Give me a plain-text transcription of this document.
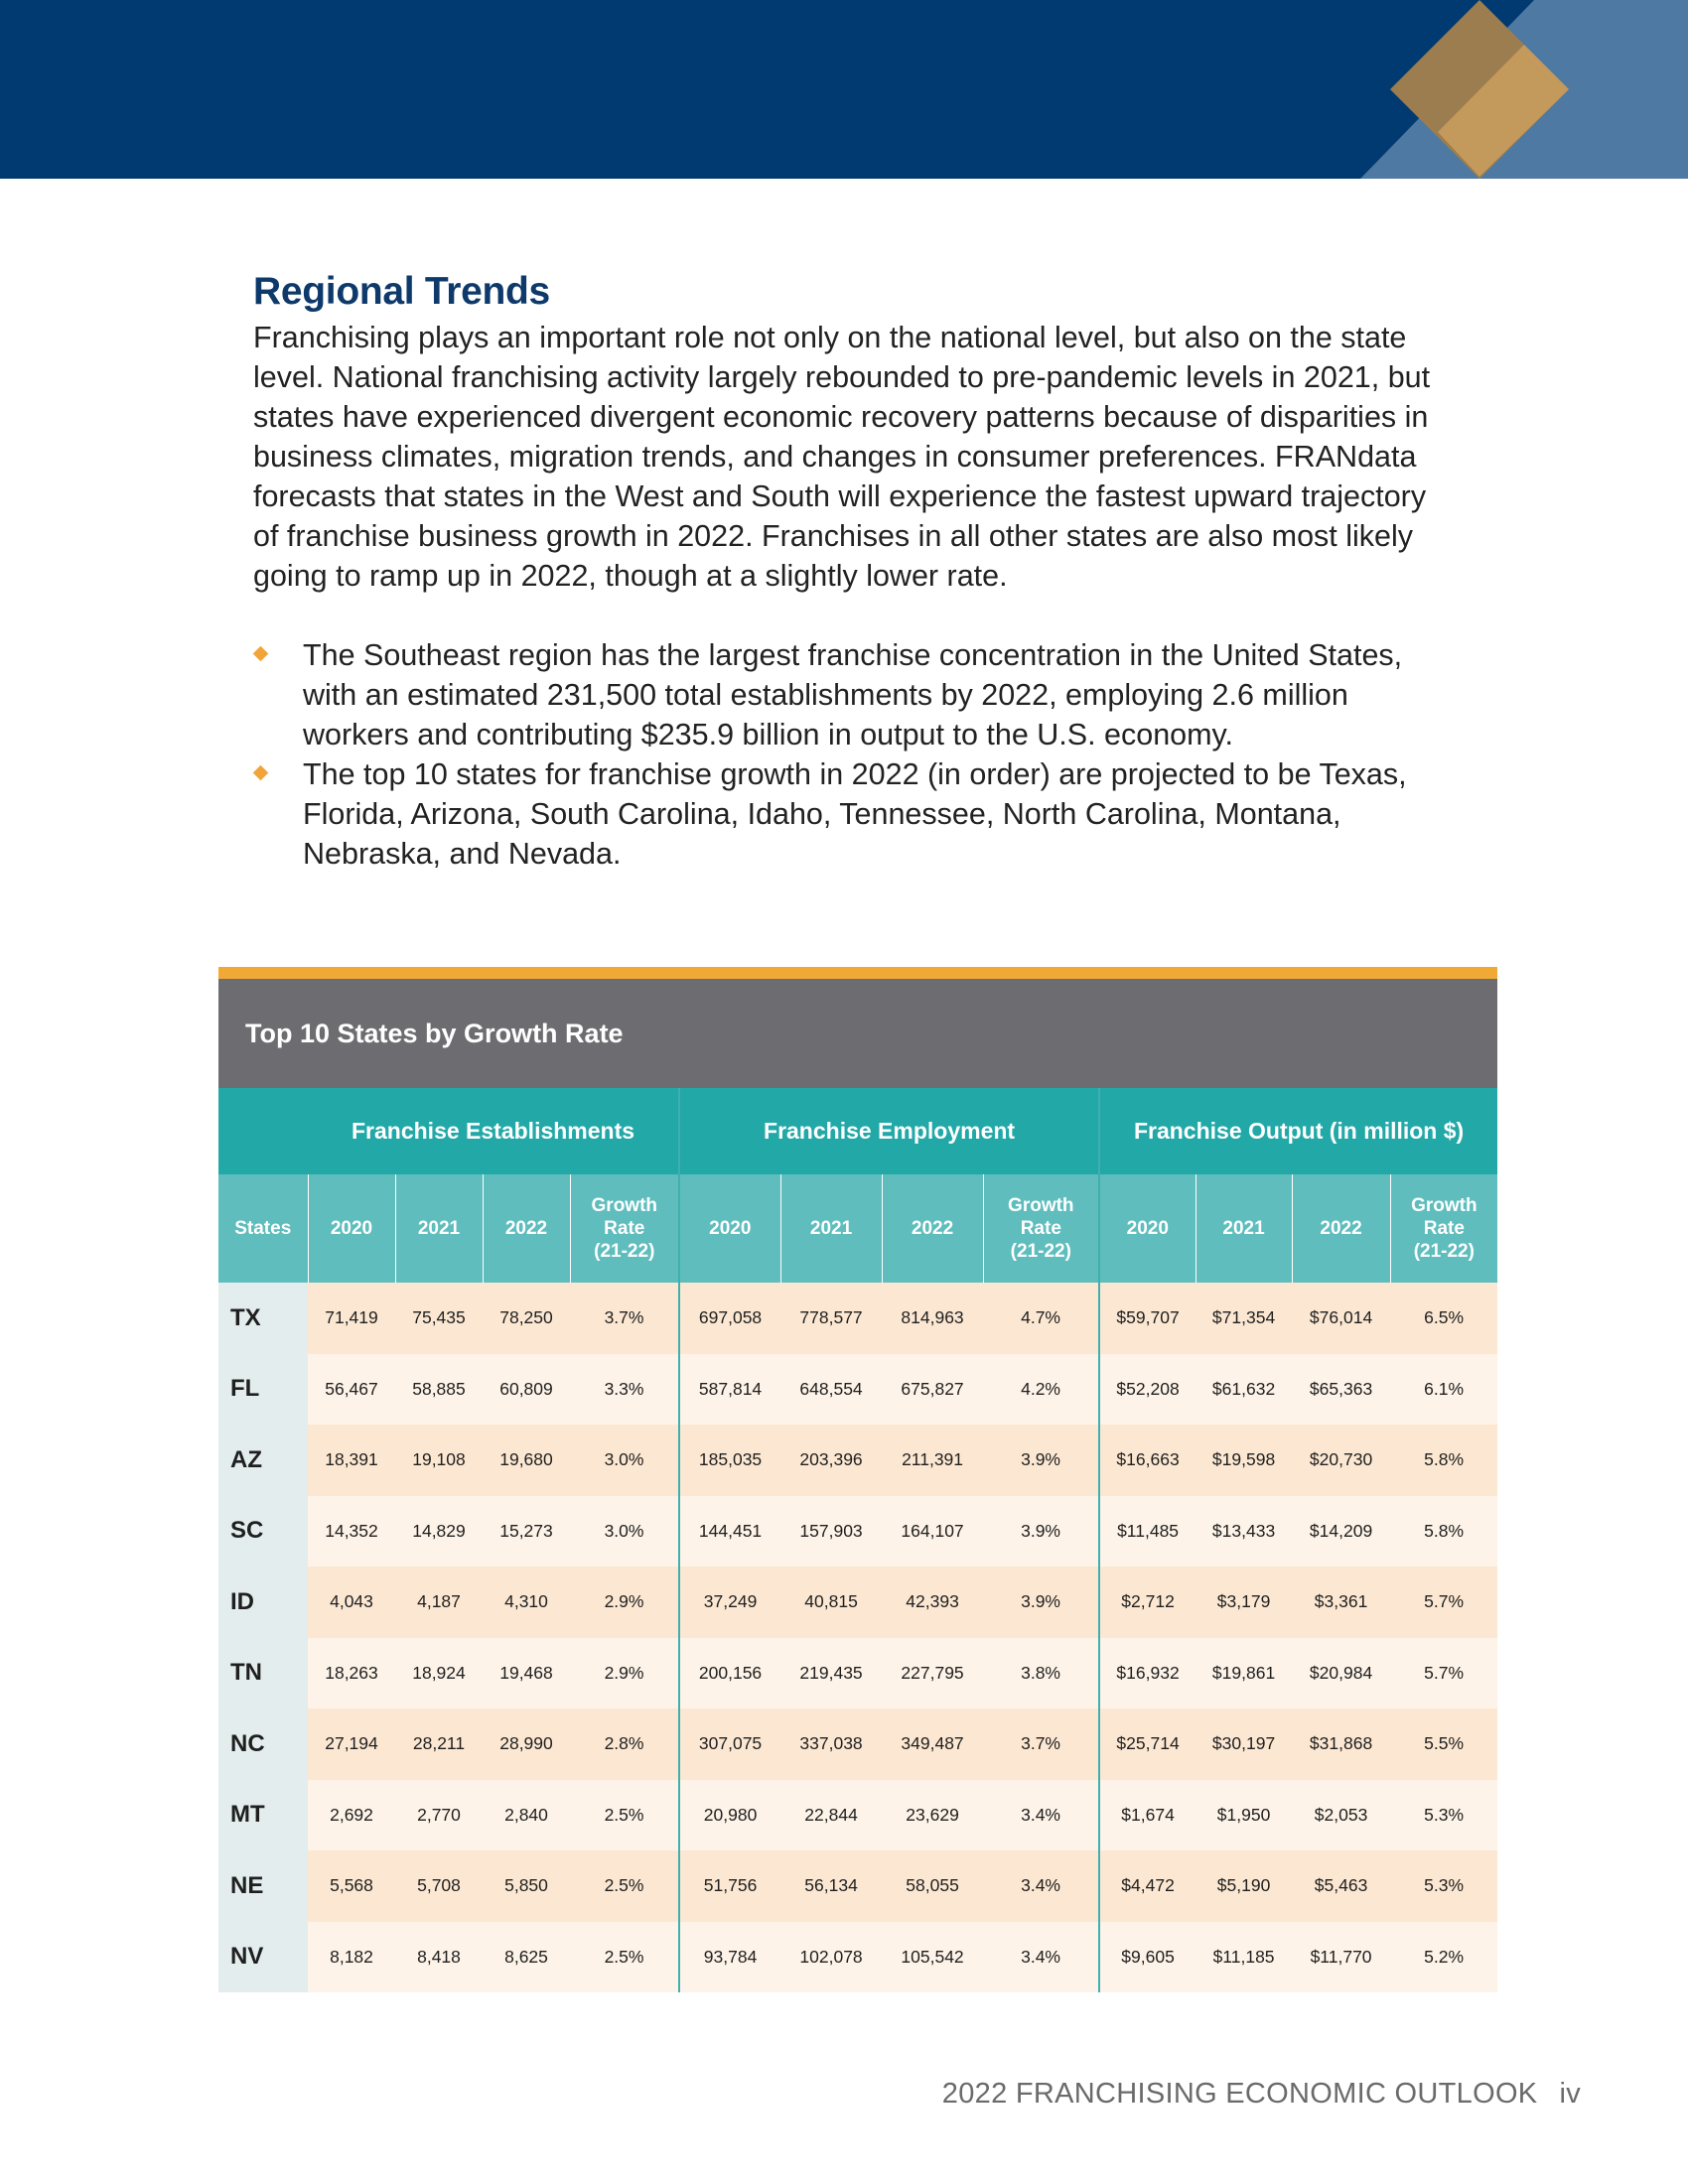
Regional Trends

Franchising plays an important role not only on the national level, but also on the state level. National franchising activity largely rebounded to pre-pandemic levels in 2021, but states have experienced divergent economic recovery patterns because of disparities in business climates, migration trends, and changes in consumer preferences. FRANdata forecasts that states in the West and South will experience the fastest upward trajectory of franchise business growth in 2022. Franchises in all other states are also most likely going to ramp up in 2022, though at a slightly lower rate.

The Southeast region has the largest franchise concentration in the United States, with an estimated 231,500 total establishments by 2022, employing 2.6 million workers and contributing $235.9 billion in output to the U.S. economy.
The top 10 states for franchise growth in 2022 (in order) are projected to be Texas, Florida, Arizona, South Carolina, Idaho, Tennessee, North Carolina, Montana, Nebraska, and Nevada.
Top 10 States by Growth Rate
	Franchise Establishments				Franchise Employment				Franchise Output (in million $)			
States	2020	2021	2022	Growth
Rate
(21-22)	2020	2021	2022	Growth
Rate
(21-22)	2020	2021	2022	Growth
Rate
(21-22)
TX	71,419	75,435	78,250	3.7%	697,058	778,577	814,963	4.7%	$59,707	$71,354	$76,014	6.5%
FL	56,467	58,885	60,809	3.3%	587,814	648,554	675,827	4.2%	$52,208	$61,632	$65,363	6.1%
AZ	18,391	19,108	19,680	3.0%	185,035	203,396	211,391	3.9%	$16,663	$19,598	$20,730	5.8%
SC	14,352	14,829	15,273	3.0%	144,451	157,903	164,107	3.9%	$11,485	$13,433	$14,209	5.8%
ID	4,043	4,187	4,310	2.9%	37,249	40,815	42,393	3.9%	$2,712	$3,179	$3,361	5.7%
TN	18,263	18,924	19,468	2.9%	200,156	219,435	227,795	3.8%	$16,932	$19,861	$20,984	5.7%
NC	27,194	28,211	28,990	2.8%	307,075	337,038	349,487	3.7%	$25,714	$30,197	$31,868	5.5%
MT	2,692	2,770	2,840	2.5%	20,980	22,844	23,629	3.4%	$1,674	$1,950	$2,053	5.3%
NE	5,568	5,708	5,850	2.5%	51,756	56,134	58,055	3.4%	$4,472	$5,190	$5,463	5.3%
NV	8,182	8,418	8,625	2.5%	93,784	102,078	105,542	3.4%	$9,605	$11,185	$11,770	5.2%
2022 FRANCHISING ECONOMIC OUTLOOK iv
